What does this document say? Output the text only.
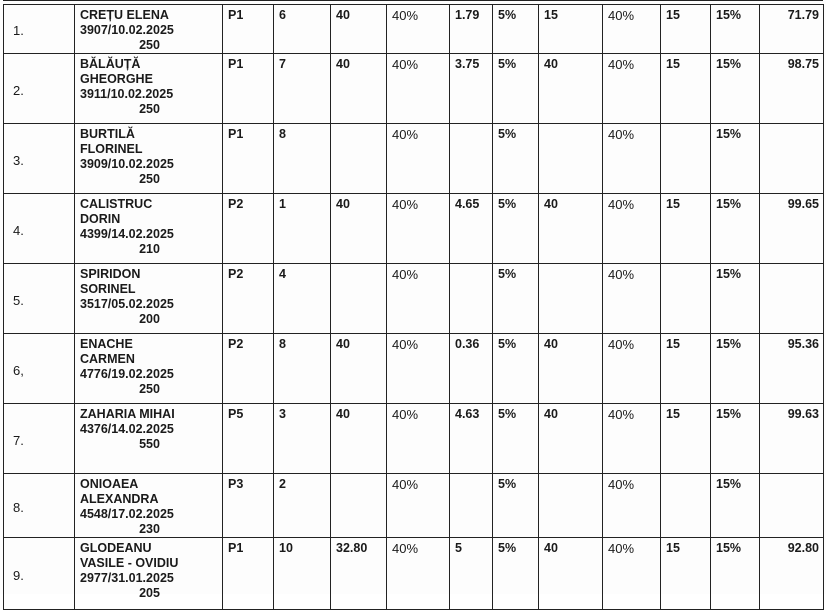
1.	CREȚU ELENA
3907/10.02.2025
250	P1	6	40	40%	1.79	5%	15	40%	15	15%	71.79
2.	BĂLĂUȚĂ
GHEORGHE
3911/10.02.2025
250	P1	7	40	40%	3.75	5%	40	40%	15	15%	98.75
3.	BURTILĂ
FLORINEL
3909/10.02.2025
250	P1	8		40%		5%		40%		15%	
4.	CALISTRUC
DORIN
4399/14.02.2025
210	P2	1	40	40%	4.65	5%	40	40%	15	15%	99.65
5.	SPIRIDON
SORINEL
3517/05.02.2025
200	P2	4		40%		5%		40%		15%	
6,	ENACHE
CARMEN
4776/19.02.2025
250	P2	8	40	40%	0.36	5%	40	40%	15	15%	95.36
7.	ZAHARIA MIHAI
4376/14.02.2025
550	P5	3	40	40%	4.63	5%	40	40%	15	15%	99.63
8.	ONIOAEA
ALEXANDRA
4548/17.02.2025
230	P3	2		40%		5%		40%		15%	
9.	GLODEANU
VASILE - OVIDIU
2977/31.01.2025
205	P1	10	32.80	40%	5	5%	40	40%	15	15%	92.80
